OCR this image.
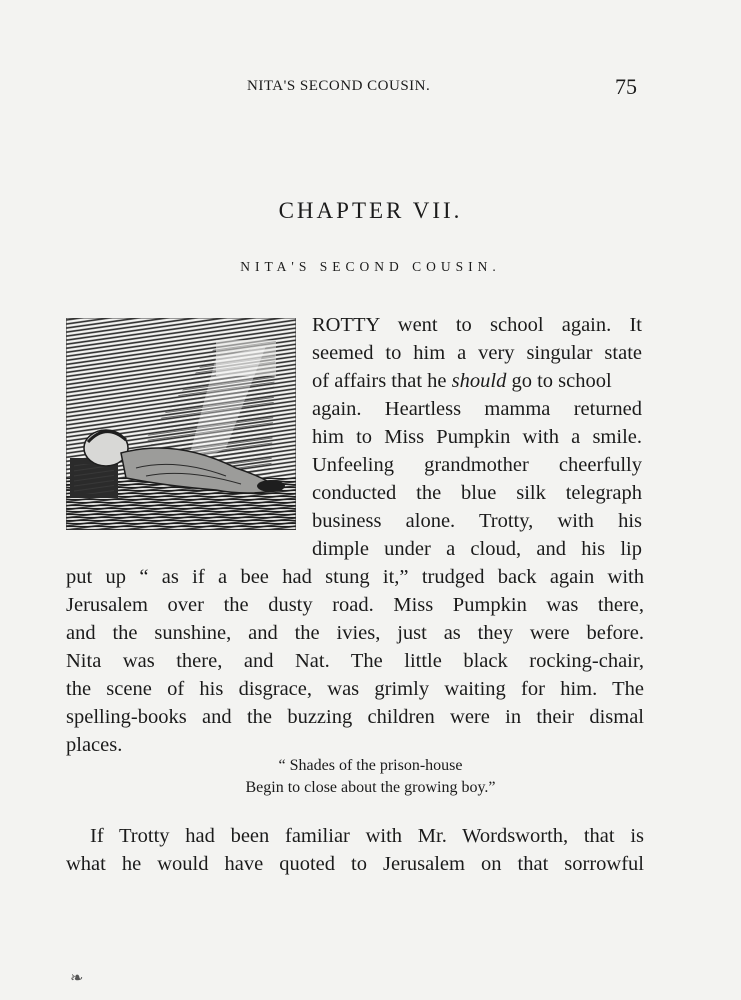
NITA'S SECOND COUSIN.	75
CHAPTER VII.
NITA'S SECOND COUSIN.
ROTTY went to school again. It
seemed to him a very singular state
of affairs that he should go to school
again. Heartless mamma returned
him to Miss Pumpkin with a smile.
Unfeeling grandmother cheerfully
conducted the blue silk telegraph
business alone. Trotty, with his
dimple under a cloud, and his lip
put up “ as if a bee had stung it,” trudged back again with
Jerusalem over the dusty road. Miss Pumpkin was there,
and the sunshine, and the ivies, just as they were before.
Nita was there, and Nat. The little black rocking-chair,
the scene of his disgrace, was grimly waiting for him. The
spelling-books and the buzzing children were in their dismal
places.
“ Shades of the prison-house
Begin to close about the growing boy.”
If Trotty had been familiar with Mr. Wordsworth, that is
what he would have quoted to Jerusalem on that sorrowful
❧
